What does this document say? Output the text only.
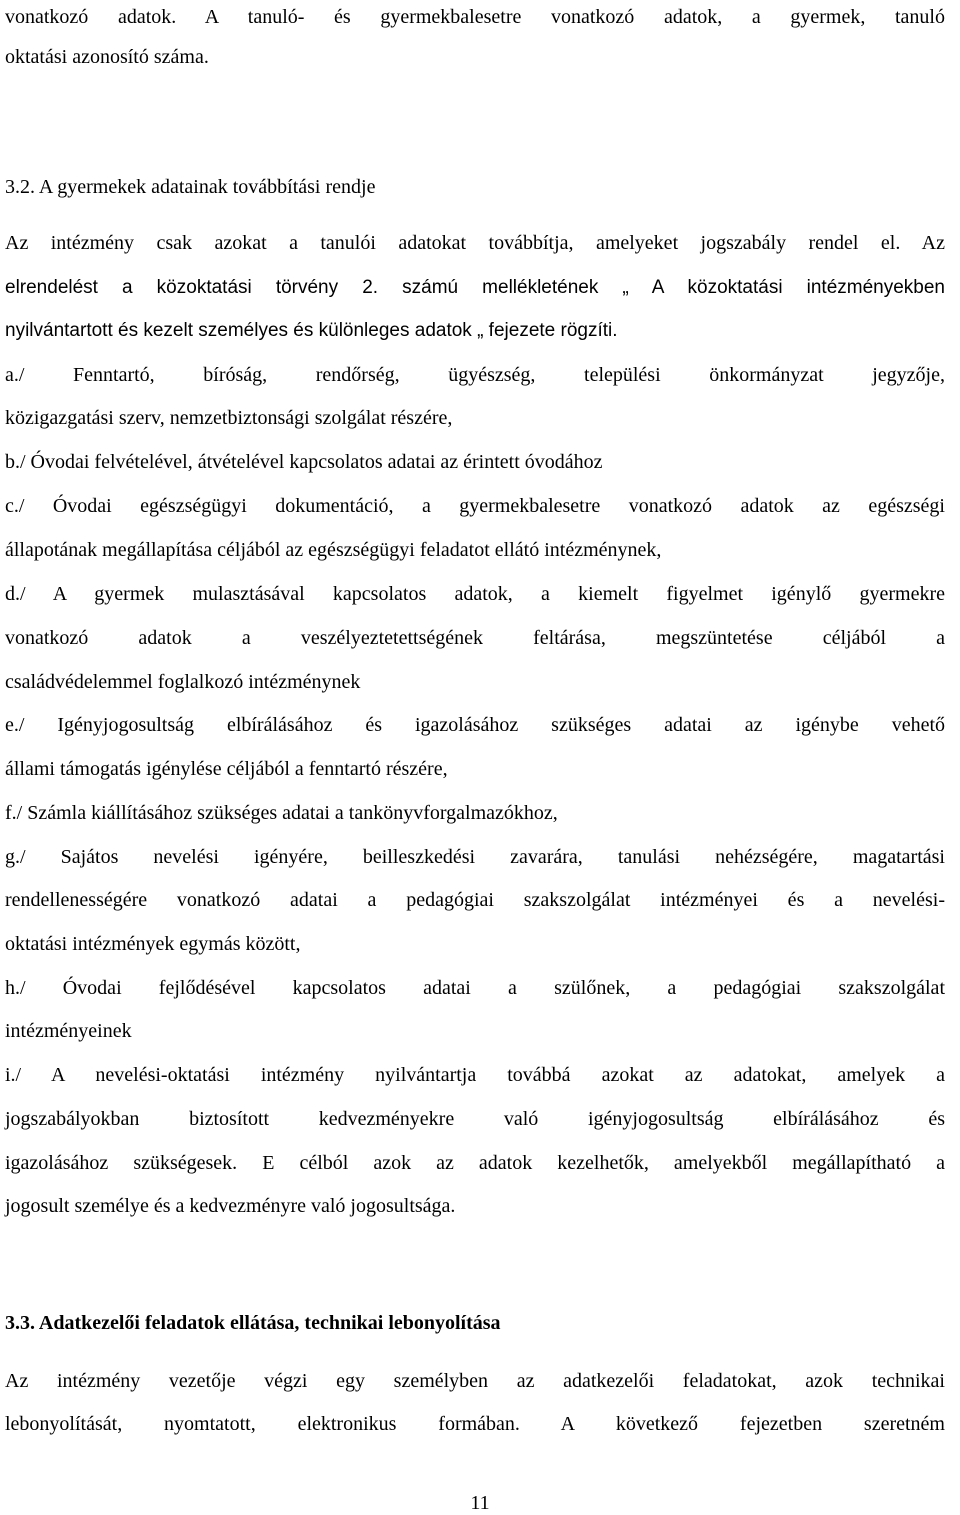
vonatkozó adatok. A tanuló- és gyermekbalesetre vonatkozó adatok, a gyermek, tanuló
oktatási azonosító száma.
3.2. A gyermekek adatainak továbbítási rendje
Az intézmény csak azokat a tanulói adatokat továbbítja, amelyeket jogszabály rendel el. Az
elrendelést a közoktatási törvény 2. számú mellékletének „ A közoktatási intézményekben
nyilvántartott és kezelt személyes és különleges adatok „ fejezete rögzíti.
a./ Fenntartó, bíróság, rendőrség, ügyészség, települési önkormányzat jegyzője,
közigazgatási szerv, nemzetbiztonsági szolgálat részére,
b./ Óvodai felvételével, átvételével kapcsolatos adatai az érintett óvodához
c./ Óvodai egészségügyi dokumentáció, a gyermekbalesetre vonatkozó adatok az egészségi
állapotának megállapítása céljából az egészségügyi feladatot ellátó intézménynek,
d./ A gyermek mulasztásával kapcsolatos adatok, a kiemelt figyelmet igénylő gyermekre
vonatkozó adatok a veszélyeztetettségének feltárása, megszüntetése céljából a
családvédelemmel foglalkozó intézménynek
e./ Igényjogosultság elbírálásához és igazolásához szükséges adatai az igénybe vehető
állami támogatás igénylése céljából a fenntartó részére,
f./ Számla kiállításához szükséges adatai a tankönyvforgalmazókhoz,
g./ Sajátos nevelési igényére, beilleszkedési zavarára, tanulási nehézségére, magatartási
rendellenességére vonatkozó adatai a pedagógiai szakszolgálat intézményei és a nevelési-
oktatási intézmények egymás között,
h./ Óvodai fejlődésével kapcsolatos adatai a szülőnek, a pedagógiai szakszolgálat
intézményeinek
i./ A nevelési-oktatási intézmény nyilvántartja továbbá azokat az adatokat, amelyek a
jogszabályokban biztosított kedvezményekre való igényjogosultság elbírálásához és
igazolásához szükségesek. E célból azok az adatok kezelhetők, amelyekből megállapítható a
jogosult személye és a kedvezményre való jogosultsága.
3.3. Adatkezelői feladatok ellátása, technikai lebonyolítása
Az intézmény vezetője végzi egy személyben az adatkezelői feladatokat, azok technikai
lebonyolítását, nyomtatott, elektronikus formában. A következő fejezetben szeretném
11
